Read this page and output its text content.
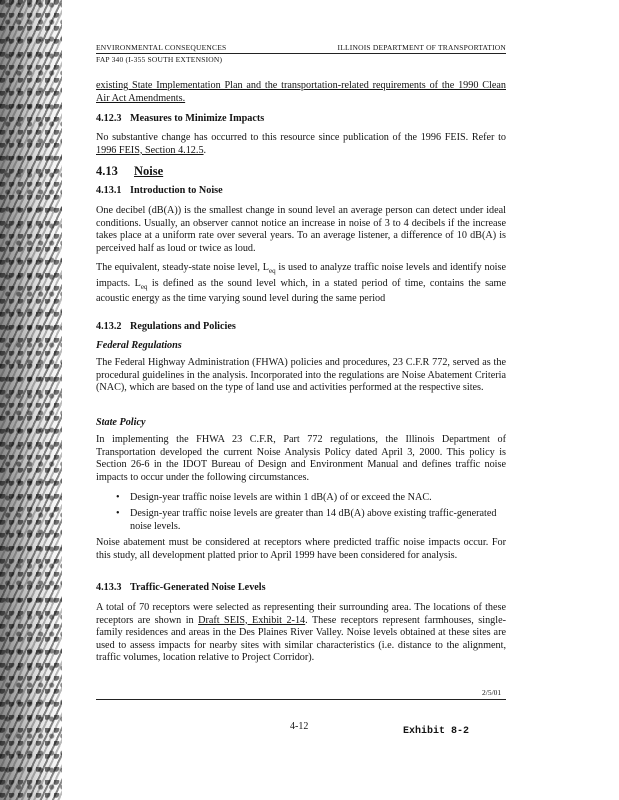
ENVIRONMENTAL CONSEQUENCES	ILLINOIS DEPARTMENT OF TRANSPORTATION
FAP 340 (I-355 SOUTH EXTENSION)
existing State Implementation Plan and the transportation-related requirements of the 1990 Clean Air Act Amendments.
4.12.3 Measures to Minimize Impacts
No substantive change has occurred to this resource since publication of the 1996 FEIS. Refer to 1996 FEIS, Section 4.12.5.
4.13 Noise
4.13.1 Introduction to Noise
One decibel (dB(A)) is the smallest change in sound level an average person can detect under ideal conditions. Usually, an observer cannot notice an increase in noise of 3 to 4 decibels if the increase takes place at a uniform rate over several years. To an average listener, a difference of 10 dB(A) is perceived half as loud or twice as loud.
The equivalent, steady-state noise level, $L_{eq}$ is used to analyze traffic noise levels and identify noise impacts. $L_{eq}$ is defined as the sound level which, in a stated period of time, contains the same acoustic energy as the time varying sound level during the same period
4.13.2 Regulations and Policies
Federal Regulations
The Federal Highway Administration (FHWA) policies and procedures, 23 C.F.R 772, served as the procedural guidelines in the analysis. Incorporated into the regulations are Noise Abatement Criteria (NAC), which are based on the type of land use and activities performed at the respective sites.
State Policy
In implementing the FHWA 23 C.F.R, Part 772 regulations, the Illinois Department of Transportation developed the current Noise Analysis Policy dated April 3, 2000. This policy is Section 26-6 in the IDOT Bureau of Design and Environment Manual and defines traffic noise impacts to occur under the following circumstances.
• Design-year traffic noise levels are within 1 dB(A) of or exceed the NAC.
• Design-year traffic noise levels are greater than 14 dB(A) above existing traffic-generated noise levels.
Noise abatement must be considered at receptors where predicted traffic noise impacts occur. For this study, all development platted prior to April 1999 have been considered for analysis.
4.13.3 Traffic-Generated Noise Levels
A total of 70 receptors were selected as representing their surrounding area. The locations of these receptors are shown in Draft SEIS, Exhibit 2-14. These receptors represent farmhouses, single-family residences and areas in the Des Plaines River Valley. Noise levels obtained at these sites are used to assess impacts for nearby sites with similar characteristics (i.e. distance to the alignment, traffic volumes, location relative to Project Corridor).
2/5/01
4-12	Exhibit 8-2
